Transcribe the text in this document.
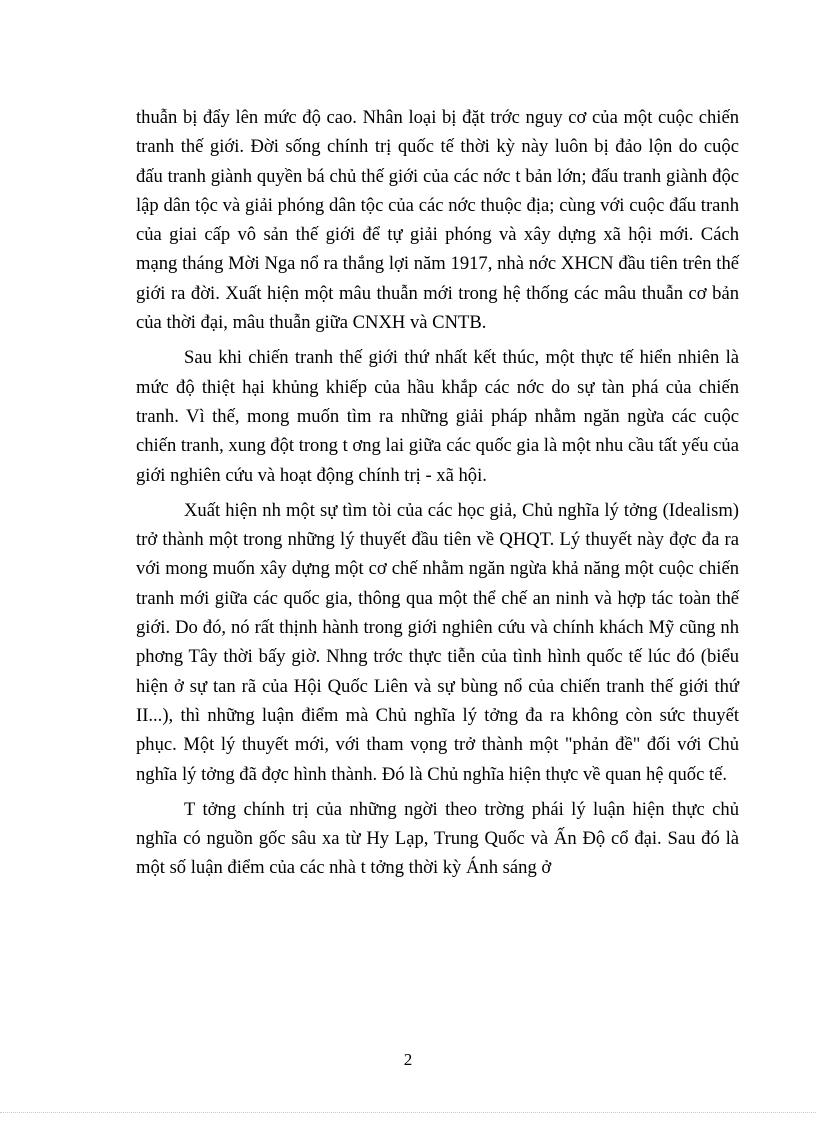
thuẫn bị đẩy lên mức độ cao. Nhân loại bị đặt trớc nguy cơ của một cuộc chiến tranh thế giới. Đời sống chính trị quốc tế thời kỳ này luôn bị đảo lộn do cuộc đấu tranh giành quyền bá chủ thế giới của các nớc t bản lớn; đấu tranh giành độc lập dân tộc và giải phóng dân tộc của các nớc thuộc địa; cùng với cuộc đấu tranh của giai cấp vô sản thế giới để tự giải phóng và xây dựng xã hội mới. Cách mạng tháng Mời Nga nổ ra thắng lợi năm 1917, nhà nớc XHCN đầu tiên trên thế giới ra đời. Xuất hiện một mâu thuẫn mới trong hệ thống các mâu thuẫn cơ bản của thời đại, mâu thuẫn giữa CNXH và CNTB.

Sau khi chiến tranh thế giới thứ nhất kết thúc, một thực tế hiển nhiên là mức độ thiệt hại khủng khiếp của hầu khắp các nớc do sự tàn phá của chiến tranh. Vì thế, mong muốn tìm ra những giải pháp nhằm ngăn ngừa các cuộc chiến tranh, xung đột trong t ơng lai giữa các quốc gia là một nhu cầu tất yếu của giới nghiên cứu và hoạt động chính trị - xã hội.

Xuất hiện nh một sự tìm tòi của các học giả, Chủ nghĩa lý tởng (Idealism) trở thành một trong những lý thuyết đầu tiên về QHQT. Lý thuyết này đợc đa ra với mong muốn xây dựng một cơ chế nhằm ngăn ngừa khả năng một cuộc chiến tranh mới giữa các quốc gia, thông qua một thể chế an ninh và hợp tác toàn thế giới. Do đó, nó rất thịnh hành trong giới nghiên cứu và chính khách Mỹ cũng nh phơng Tây thời bấy giờ. Nhng trớc thực tiễn của tình hình quốc tế lúc đó (biểu hiện ở sự tan rã của Hội Quốc Liên và sự bùng nổ của chiến tranh thế giới thứ II...), thì những luận điểm mà Chủ nghĩa lý tởng đa ra không còn sức thuyết phục. Một lý thuyết mới, với tham vọng trở thành một "phản đề" đối với Chủ nghĩa lý tởng đã đợc hình thành. Đó là Chủ nghĩa hiện thực về quan hệ quốc tế.

T tởng chính trị của những ngời theo trờng phái lý luận hiện thực chủ nghĩa có nguồn gốc sâu xa từ Hy Lạp, Trung Quốc và Ấn Độ cổ đại. Sau đó là một số luận điểm của các nhà t tởng thời kỳ Ánh sáng ở

2
